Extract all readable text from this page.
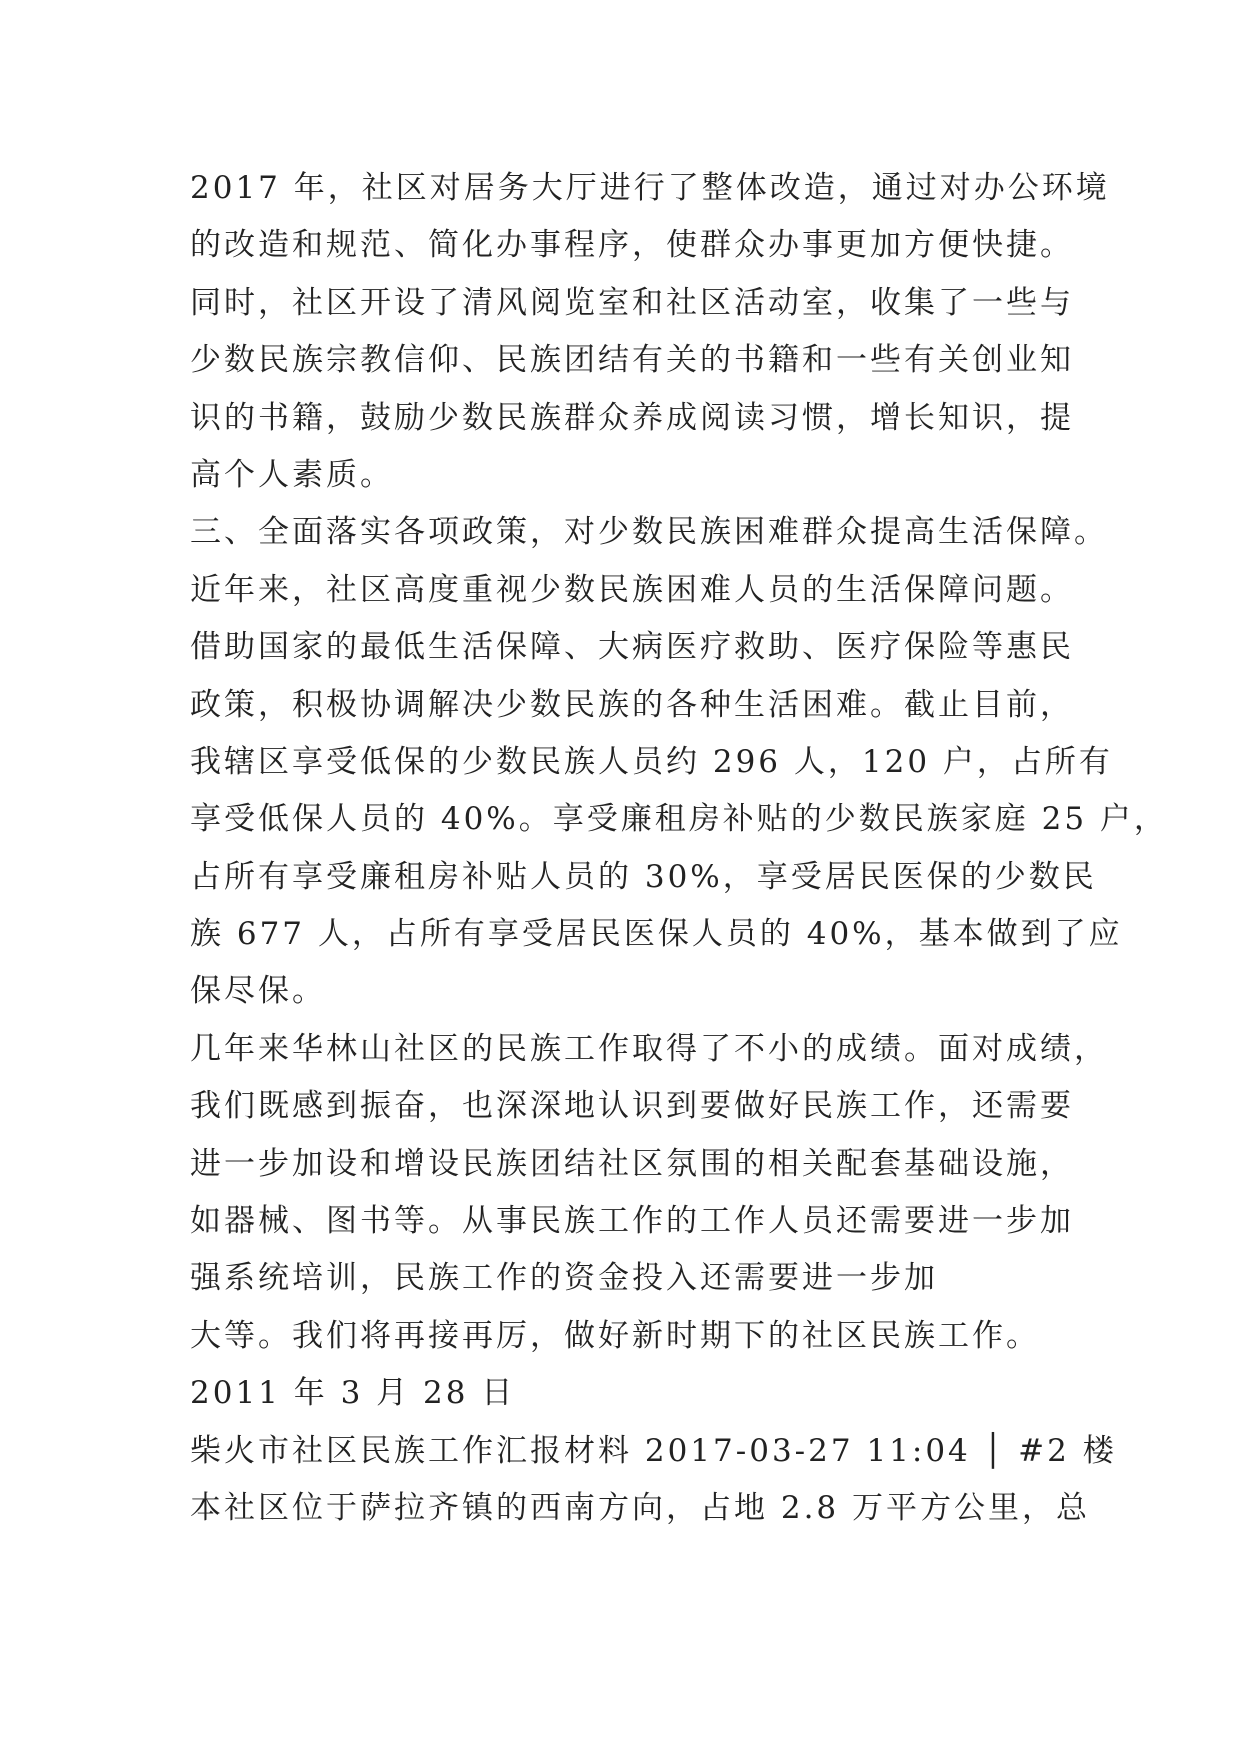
2017 年，社区对居务大厅进行了整体改造，通过对办公环境
的改造和规范、简化办事程序，使群众办事更加方便快捷。
同时，社区开设了清风阅览室和社区活动室，收集了一些与
少数民族宗教信仰、民族团结有关的书籍和一些有关创业知
识的书籍，鼓励少数民族群众养成阅读习惯，增长知识，提
高个人素质。
三、全面落实各项政策，对少数民族困难群众提高生活保障。
近年来，社区高度重视少数民族困难人员的生活保障问题。
借助国家的最低生活保障、大病医疗救助、医疗保险等惠民
政策，积极协调解决少数民族的各种生活困难。截止目前，
我辖区享受低保的少数民族人员约 296 人，120 户，占所有
享受低保人员的 40%。享受廉租房补贴的少数民族家庭 25 户，
占所有享受廉租房补贴人员的 30%，享受居民医保的少数民
族 677 人，占所有享受居民医保人员的 40%，基本做到了应
保尽保。
几年来华林山社区的民族工作取得了不小的成绩。面对成绩，
我们既感到振奋，也深深地认识到要做好民族工作，还需要
进一步加设和增设民族团结社区氛围的相关配套基础设施，
如器械、图书等。从事民族工作的工作人员还需要进一步加
强系统培训，民族工作的资金投入还需要进一步加
大等。我们将再接再厉，做好新时期下的社区民族工作。
2011 年 3 月 28 日
柴火市社区民族工作汇报材料 2017-03-27 11:04 │ #2 楼
本社区位于萨拉齐镇的西南方向，占地 2.8 万平方公里，总
